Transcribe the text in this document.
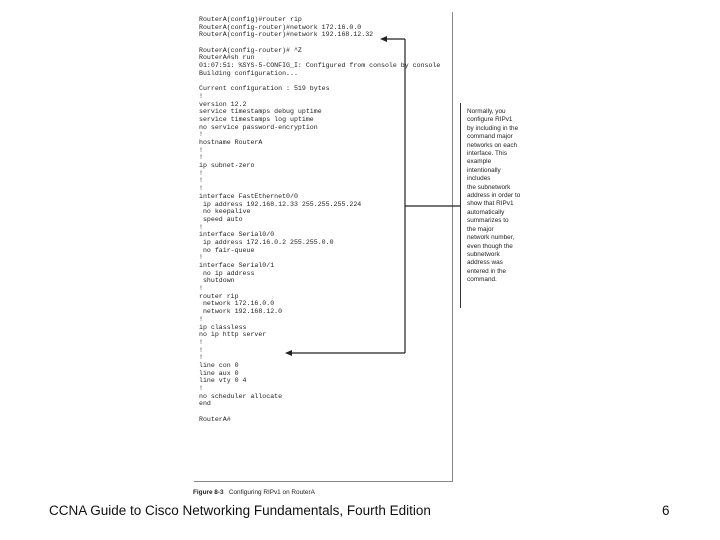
RouterA(config)#router rip
RouterA(config-router)#network 172.16.0.0
RouterA(config-router)#network 192.168.12.32
RouterA(config-router)# ^Z
RouterA#sh run
01:07:51: %SYS-5-CONFIG_I: Configured from console by console
Building configuration...
Current configuration : 519 bytes
!
version 12.2
service timestamps debug uptime
service timestamps log uptime
no service password-encryption
!
hostname RouterA
!
!
ip subnet-zero
!
!
!
interface FastEthernet0/0
ip address 192.168.12.33 255.255.255.224
no keepalive
speed auto
!
interface Serial0/0
ip address 172.16.0.2 255.255.0.0
no fair-queue
!
interface Serial0/1
no ip address
shutdown
!
router rip
network 172.16.0.0
network 192.168.12.0
!
ip classless
no ip http server
!
!
!
line con 0
line aux 0
line vty 0 4
!
no scheduler allocate
end
RouterA#
Normally, you
configure RIPv1
by including in the
command major
networks on each
interface. This
example
intentionally
includes
the subnetwork
address in order to
show that RIPv1
automatically
summarizes to
the major
network number,
even though the
subnetwork
address was
entered in the
command.
Figure 8-3 Configuring RIPv1 on RouterA
CCNA Guide to Cisco Networking Fundamentals, Fourth Edition	6
